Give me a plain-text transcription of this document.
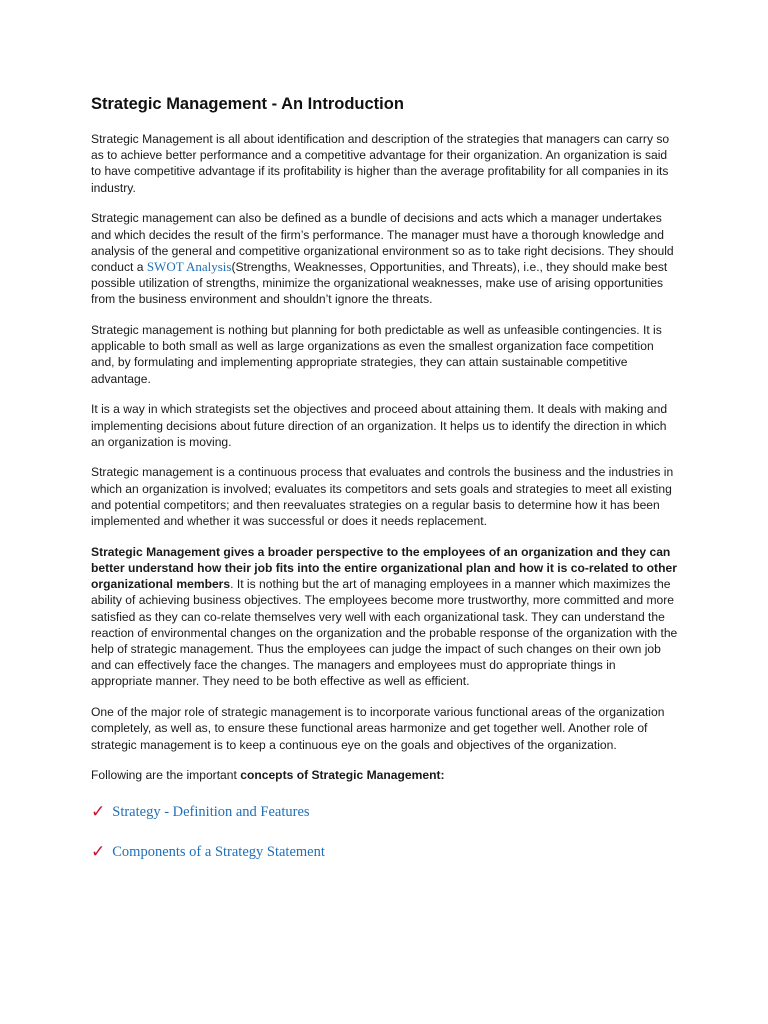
Strategic Management - An Introduction

Strategic Management is all about identification and description of the strategies that managers can carry so as to achieve better performance and a competitive advantage for their organization. An organization is said to have competitive advantage if its profitability is higher than the average profitability for all companies in its industry.

Strategic management can also be defined as a bundle of decisions and acts which a manager undertakes and which decides the result of the firm’s performance. The manager must have a thorough knowledge and analysis of the general and competitive organizational environment so as to take right decisions. They should conduct a SWOT Analysis(Strengths, Weaknesses, Opportunities, and Threats), i.e., they should make best possible utilization of strengths, minimize the organizational weaknesses, make use of arising opportunities from the business environment and shouldn’t ignore the threats.

Strategic management is nothing but planning for both predictable as well as unfeasible contingencies. It is applicable to both small as well as large organizations as even the smallest organization face competition and, by formulating and implementing appropriate strategies, they can attain sustainable competitive advantage.

It is a way in which strategists set the objectives and proceed about attaining them. It deals with making and implementing decisions about future direction of an organization. It helps us to identify the direction in which an organization is moving.

Strategic management is a continuous process that evaluates and controls the business and the industries in which an organization is involved; evaluates its competitors and sets goals and strategies to meet all existing and potential competitors; and then reevaluates strategies on a regular basis to determine how it has been implemented and whether it was successful or does it needs replacement.

Strategic Management gives a broader perspective to the employees of an organization and they can better understand how their job fits into the entire organizational plan and how it is co-related to other organizational members. It is nothing but the art of managing employees in a manner which maximizes the ability of achieving business objectives. The employees become more trustworthy, more committed and more satisfied as they can co-relate themselves very well with each organizational task. They can understand the reaction of environmental changes on the organization and the probable response of the organization with the help of strategic management. Thus the employees can judge the impact of such changes on their own job and can effectively face the changes. The managers and employees must do appropriate things in appropriate manner. They need to be both effective as well as efficient.

One of the major role of strategic management is to incorporate various functional areas of the organization completely, as well as, to ensure these functional areas harmonize and get together well. Another role of strategic management is to keep a continuous eye on the goals and objectives of the organization.

Following are the important concepts of Strategic Management:

✓ Strategy - Definition and Features
✓ Components of a Strategy Statement
